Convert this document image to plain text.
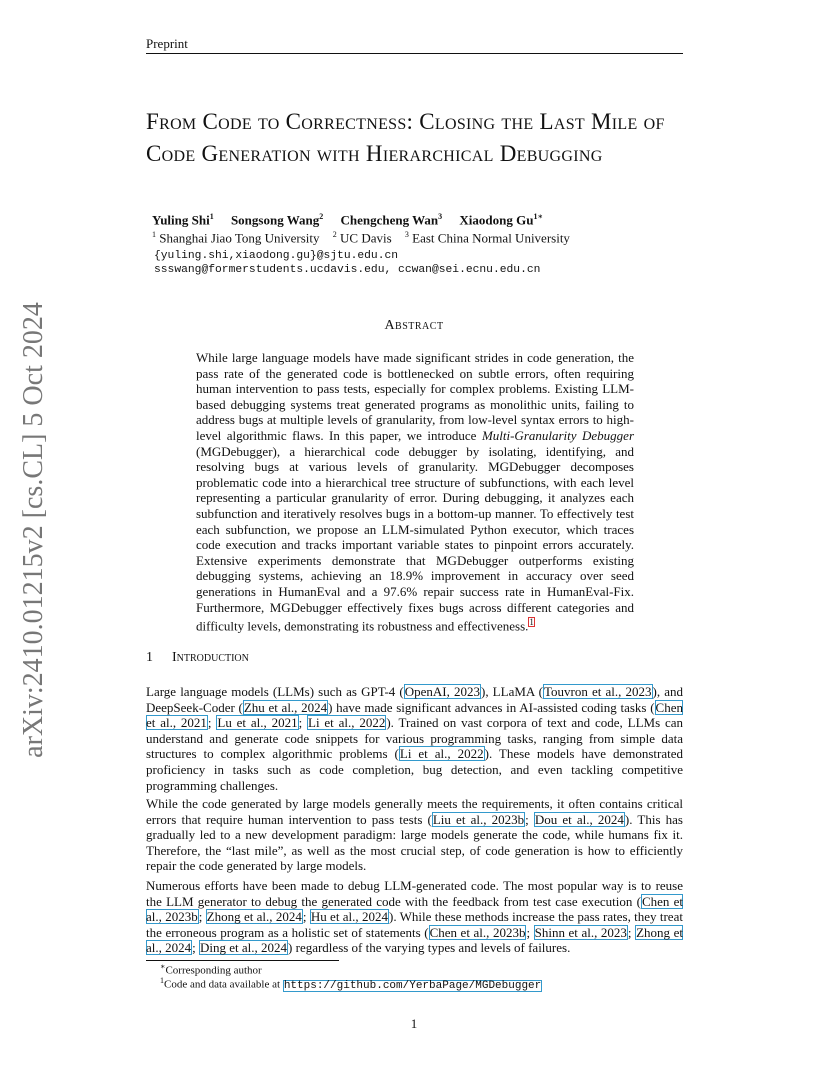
Preprint
From Code to Correctness: Closing the Last Mile of Code Generation with Hierarchical Debugging
Yuling Shi$^1$ Songsong Wang$^2$ Chengcheng Wan$^3$ Xiaodong $Gu^{1∗}$
$^1$ Shanghai Jiao Tong University $^2$ UC Davis $^3$ East China Normal University
{yuling.shi,xiaodong.gu}@sjtu.edu.cn
ssswang@formerstudents.ucdavis.edu, ccwan@sei.ecnu.edu.cn
arXiv:2410.01215v2 [cs.CL] 5 Oct 2024	Abstract
While large language models have made significant strides in code generation, the pass rate of the generated code is bottlenecked on subtle errors, often requiring human intervention to pass tests, especially for complex problems. Existing LLM-based debugging systems treat generated programs as monolithic units, failing to address bugs at multiple levels of granularity, from low-level syntax errors to high-level algorithmic flaws. In this paper, we introduce Multi-Granularity Debugger (MGDebugger), a hierarchical code debugger by isolating, identifying, and resolving bugs at various levels of granularity. MGDebugger decomposes problematic code into a hierarchical tree structure of subfunctions, with each level representing a particular granularity of error. During debugging, it analyzes each subfunction and iteratively resolves bugs in a bottom-up manner. To effectively test each subfunction, we propose an LLM-simulated Python executor, which traces code execution and tracks important variable states to pinpoint errors accurately. Extensive experiments demonstrate that MGDebugger outperforms existing debugging systems, achieving an 18.9% improvement in accuracy over seed generations in HumanEval and a 97.6% repair success rate in HumanEval-Fix. Furthermore, MGDebugger effectively fixes bugs across different categories and difficulty levels, demonstrating its robustness and effectiveness.$^1$
1 Introduction
Large language models (LLMs) such as GPT-4 (OpenAI, 2023), LLaMA (Touvron et al., 2023), and DeepSeek-Coder (Zhu et al., 2024) have made significant advances in AI-assisted coding tasks (Chen et al., 2021; Lu et al., 2021; Li et al., 2022). Trained on vast corpora of text and code, LLMs can understand and generate code snippets for various programming tasks, ranging from simple data structures to complex algorithmic problems (Li et al., 2022). These models have demonstrated proficiency in tasks such as code completion, bug detection, and even tackling competitive programming challenges.
While the code generated by large models generally meets the requirements, it often contains critical errors that require human intervention to pass tests (Liu et al., 2023b; Dou et al., 2024). This has gradually led to a new development paradigm: large models generate the code, while humans fix it. Therefore, the “last mile”, as well as the most crucial step, of code generation is how to efficiently repair the code generated by large models.
Numerous efforts have been made to debug LLM-generated code. The most popular way is to reuse the LLM generator to debug the generated code with the feedback from test case execution (Chen et al., 2023b; Zhong et al., 2024; Hu et al., 2024). While these methods increase the pass rates, they treat the erroneous program as a holistic set of statements (Chen et al., 2023b; Shinn et al., 2023; Zhong et al., 2024; Ding et al., 2024) regardless of the varying types and levels of failures.
∗Corresponding author
$^1$Code and data available at https://github.com/YerbaPage/MGDebugger
1
